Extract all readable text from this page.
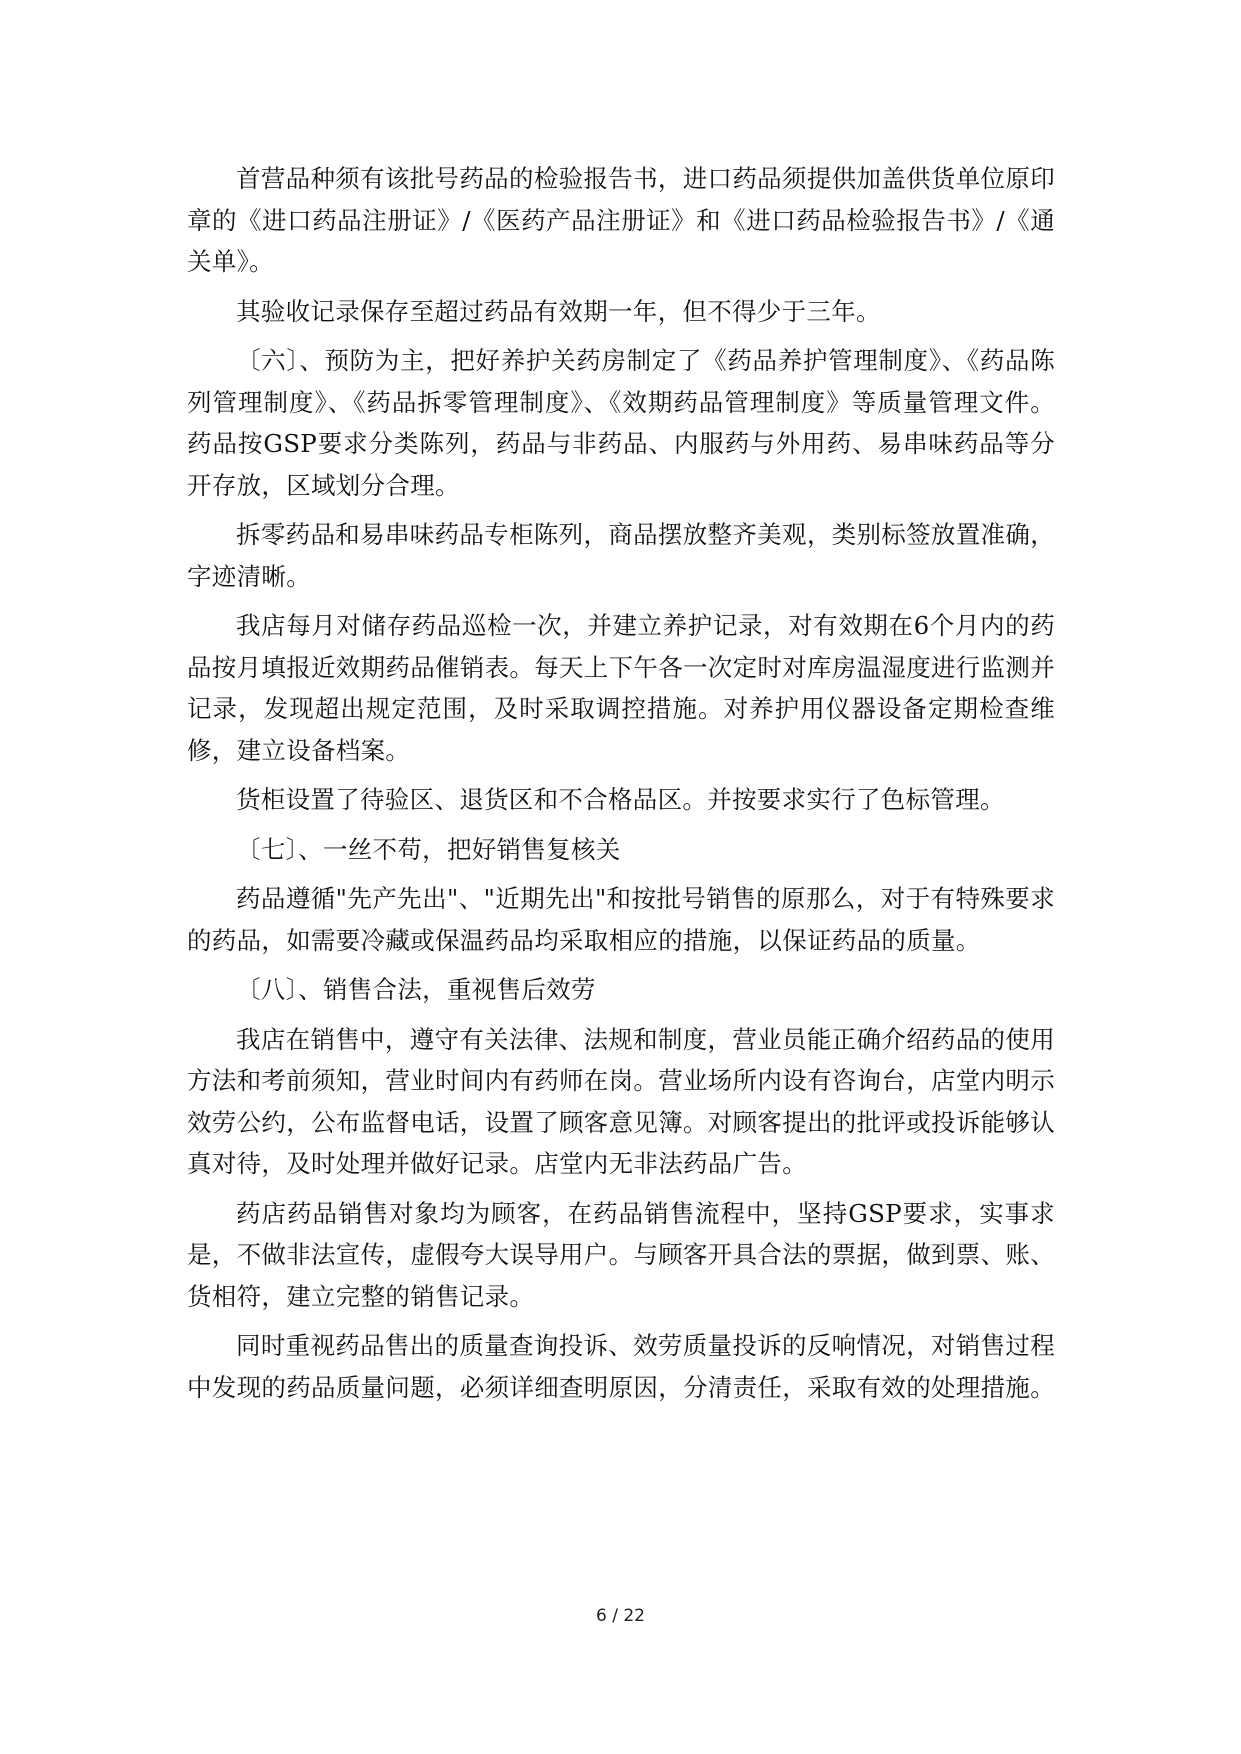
首营品种须有该批号药品的检验报告书，进口药品须提供加盖供货单位原印章的《进口药品注册证》/《医药产品注册证》和《进口药品检验报告书》/《通关单》。

其验收记录保存至超过药品有效期一年，但不得少于三年。

〔六〕、预防为主，把好养护关药房制定了《药品养护管理制度》、《药品陈列管理制度》、《药品拆零管理制度》、《效期药品管理制度》等质量管理文件。药品按GSP要求分类陈列，药品与非药品、内服药与外用药、易串味药品等分开存放，区域划分合理。

拆零药品和易串味药品专柜陈列，商品摆放整齐美观，类别标签放置准确，字迹清晰。

我店每月对储存药品巡检一次，并建立养护记录，对有效期在6个月内的药品按月填报近效期药品催销表。每天上下午各一次定时对库房温湿度进行监测并记录，发现超出规定范围，及时采取调控措施。对养护用仪器设备定期检查维修，建立设备档案。

货柜设置了待验区、退货区和不合格品区。并按要求实行了色标管理。

〔七〕、一丝不苟，把好销售复核关

药品遵循"先产先出"、"近期先出"和按批号销售的原那么，对于有特殊要求的药品，如需要冷藏或保温药品均采取相应的措施，以保证药品的质量。

〔八〕、销售合法，重视售后效劳

我店在销售中，遵守有关法律、法规和制度，营业员能正确介绍药品的使用方法和考前须知，营业时间内有药师在岗。营业场所内设有咨询台，店堂内明示效劳公约，公布监督电话，设置了顾客意见簿。对顾客提出的批评或投诉能够认真对待，及时处理并做好记录。店堂内无非法药品广告。

药店药品销售对象均为顾客，在药品销售流程中，坚持GSP要求，实事求是，不做非法宣传，虚假夸大误导用户。与顾客开具合法的票据，做到票、账、货相符，建立完整的销售记录。

同时重视药品售出的质量查询投诉、效劳质量投诉的反响情况，对销售过程中发现的药品质量问题，必须详细查明原因，分清责任，采取有效的处理措施。

6 / 22
